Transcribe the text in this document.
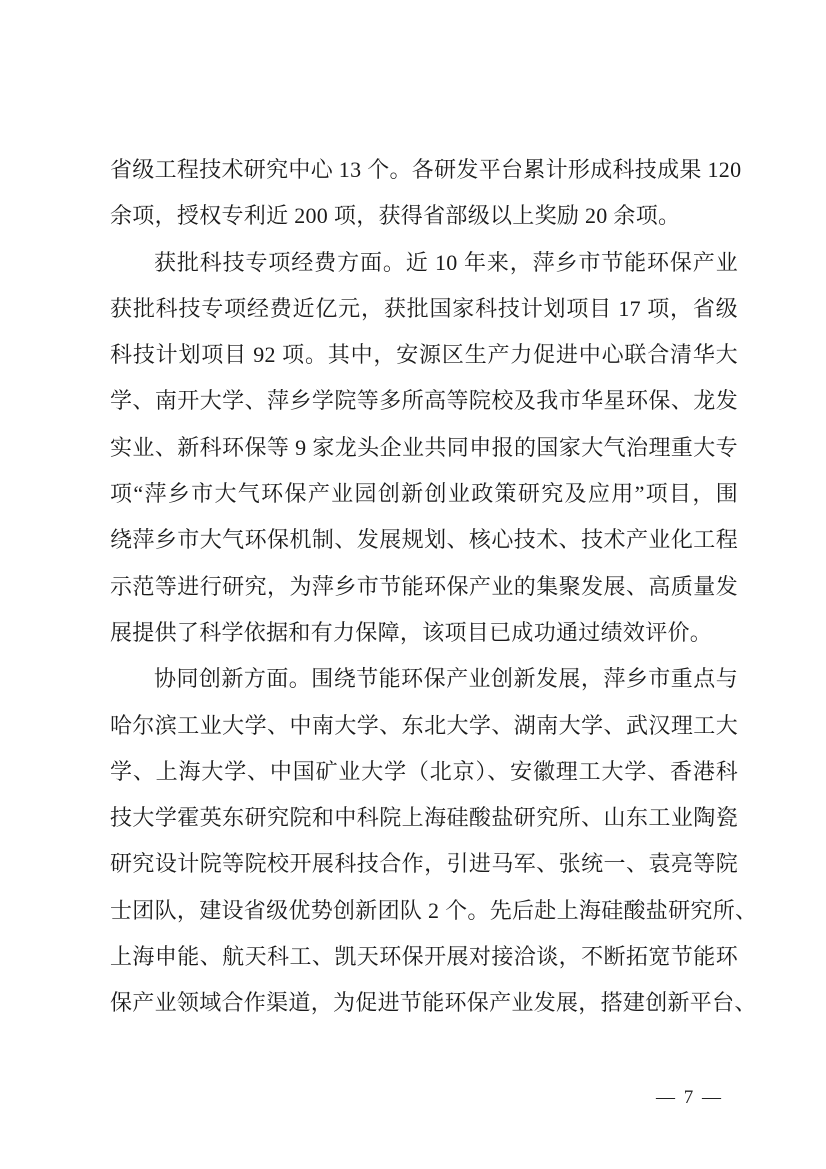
省级工程技术研究中心 13 个。各研发平台累计形成科技成果 120
余项，授权专利近 200 项，获得省部级以上奖励 20 余项。
获批科技专项经费方面。近 10 年来，萍乡市节能环保产业
获批科技专项经费近亿元，获批国家科技计划项目 17 项，省级
科技计划项目 92 项。其中，安源区生产力促进中心联合清华大
学、南开大学、萍乡学院等多所高等院校及我市华星环保、龙发
实业、新科环保等 9 家龙头企业共同申报的国家大气治理重大专
项“萍乡市大气环保产业园创新创业政策研究及应用”项目，围
绕萍乡市大气环保机制、发展规划、核心技术、技术产业化工程
示范等进行研究，为萍乡市节能环保产业的集聚发展、高质量发
展提供了科学依据和有力保障，该项目已成功通过绩效评价。
协同创新方面。围绕节能环保产业创新发展，萍乡市重点与
哈尔滨工业大学、中南大学、东北大学、湖南大学、武汉理工大
学、上海大学、中国矿业大学（北京）、安徽理工大学、香港科
技大学霍英东研究院和中科院上海硅酸盐研究所、山东工业陶瓷
研究设计院等院校开展科技合作，引进马军、张统一、袁亮等院
士团队，建设省级优势创新团队 2 个。先后赴上海硅酸盐研究所、
上海申能、航天科工、凯天环保开展对接洽谈，不断拓宽节能环
保产业领域合作渠道，为促进节能环保产业发展，搭建创新平台、
— 7 —
